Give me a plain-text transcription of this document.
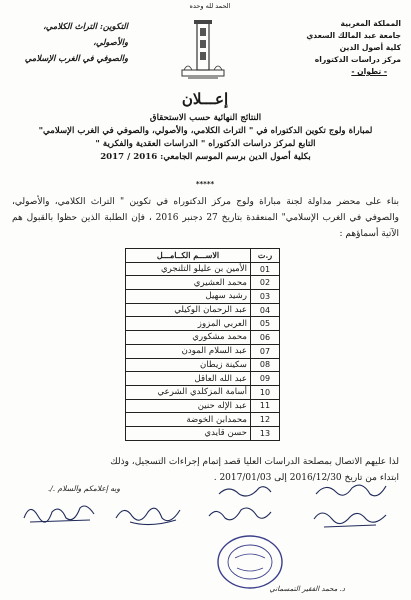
الحمد لله وحده
المملكة المغربية
جامعة عبد المالك السعدي
كلية أصول الدين
مركز دراسات الدكتوراه
- تطوان -
التكوين: التراث الكلامي، والأصولي،
والصوفي في الغرب الإسلامي
إعـــلان
النتائج النهائية حسب الاستحقاق
لمباراة ولوج تكوين الدكتوراه في " التراث الكلامي، والأصولي، والصوفي في الغرب الإسلامي"
التابع لمركز دراسات الدكتوراه " الدراسات العقدية والفكرية "
بكلية أصول الدين برسم الموسم الجامعي: 2016 / 2017
*****
بناء على محضر مداولة لجنة مباراة ولوج مركز الدكتوراه في تكوين " التراث الكلامي، والأصولي، والصوفي في الغرب الإسلامي" المنعقدة بتاريخ 27 دجنبر 2016 ، فإن الطلبة الذين حظوا بالقبول هم الآتية أسماؤهم :
ر.ت	الاســـم الكــامـــل
01	الأمين بن عليلو التلنجري
02	محمد العشيري
03	رشيد سهيل
04	عبد الرحمان الوكيلي
05	العربي المزوز
06	محمد مشكوري
07	عبد السلام المودن
08	سكينة زيطان
09	عبد الله العاقل
10	أسامة المزكلدي الشرعي
11	عبد الإله حنين
12	محمدابن الخوضة
13	حسن قايدي
لذا عليهم الاتصال بمصلحة الدراسات العليا قصد إتمام إجراءات التسجيل، وذلك
ابتداء من تاريخ 2016/12/30 إلى 2017/01/03 .
وبه إعلامكم والسلام ./.
د. محمد الفقير التمسماني
